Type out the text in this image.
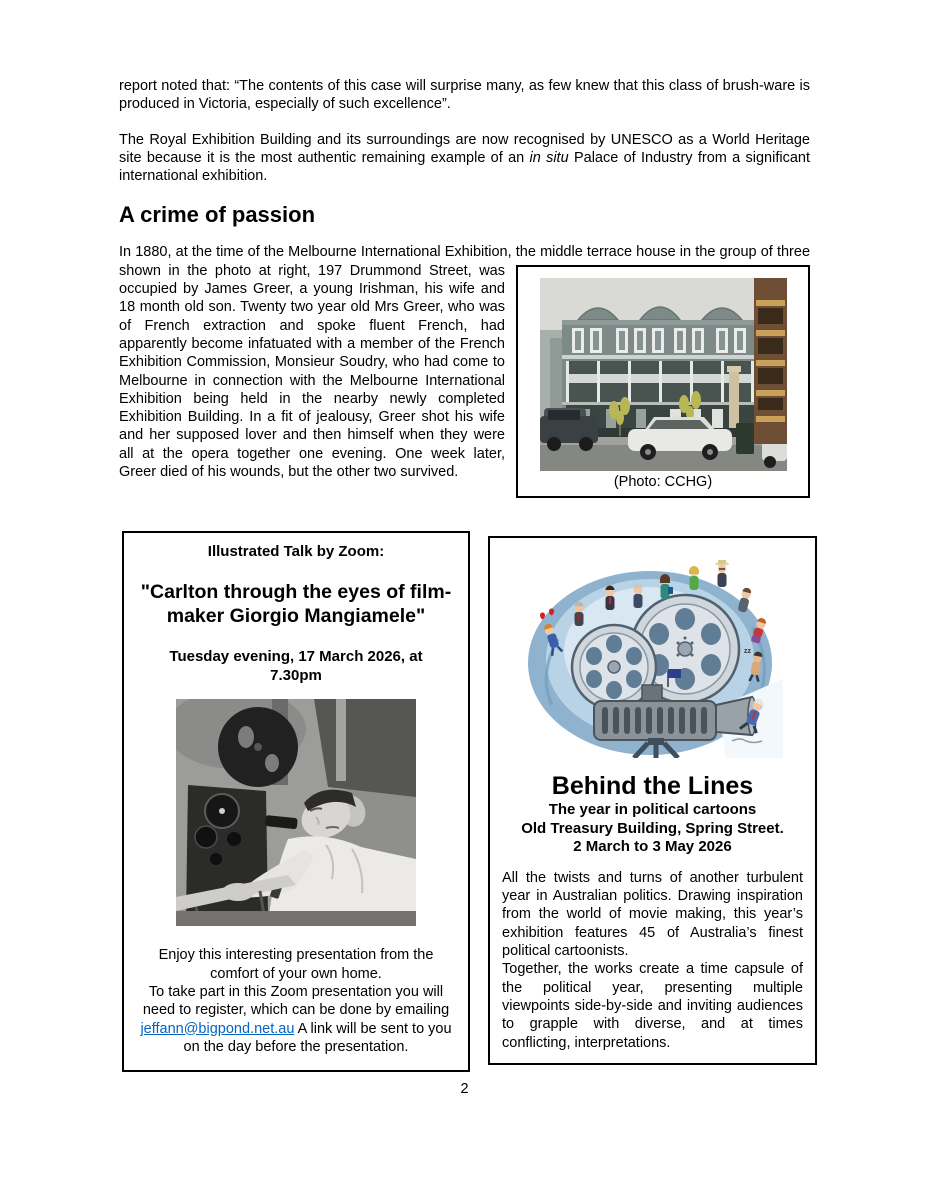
report noted that: “The contents of this case will surprise many, as few knew that this class of brush-ware is produced in Victoria, especially of such excellence”.

The Royal Exhibition Building and its surroundings are now recognised by UNESCO as a World Heritage site because it is the most authentic remaining example of an in situ Palace of Industry from a significant international exhibition.

A crime of passion
In 1880, at the time of the Melbourne International Exhibition, the middle terrace house in the group

(Photo: CCHG)

of three shown in the photo at right, 197 Drummond Street, was occupied by James Greer, a young Irishman, his wife and 18 month old son. Twenty two year old Mrs Greer, who was of French extraction and spoke fluent French, had apparently become infatuated with a member of the French Exhibition Commission, Monsieur Soudry, who had come to Melbourne in connection with the Melbourne International Exhibition being held in the nearby newly completed Exhibition Building. In a fit of jealousy, Greer shot his wife and her supposed lover and then himself when they were all at the opera together one evening. One week later, Greer died of his wounds, but the other two survived.
Illustrated Talk by Zoom:
"Carlton through the eyes of film-
maker Giorgio Mangiamele"
Tuesday evening, 17 March 2026, at
7.30pm
Enjoy this interesting presentation from the comfort of your own home.
To take part in this Zoom presentation you will need to register, which can be done by emailing jeffann@bigpond.net.au A link will be sent to you on the day before the presentation.
zz
Behind the Lines
The year in political cartoons
Old Treasury Building, Spring Street.
2 March to 3 May 2026

All the twists and turns of another turbulent year in Australian politics. Drawing inspiration from the world of movie making, this year’s exhibition features 45 of Australia’s finest political cartoonists.

Together, the works create a time capsule of the political year, presenting multiple viewpoints side-by-side and inviting audiences to grapple with diverse, and at times conflicting, interpretations.

2
